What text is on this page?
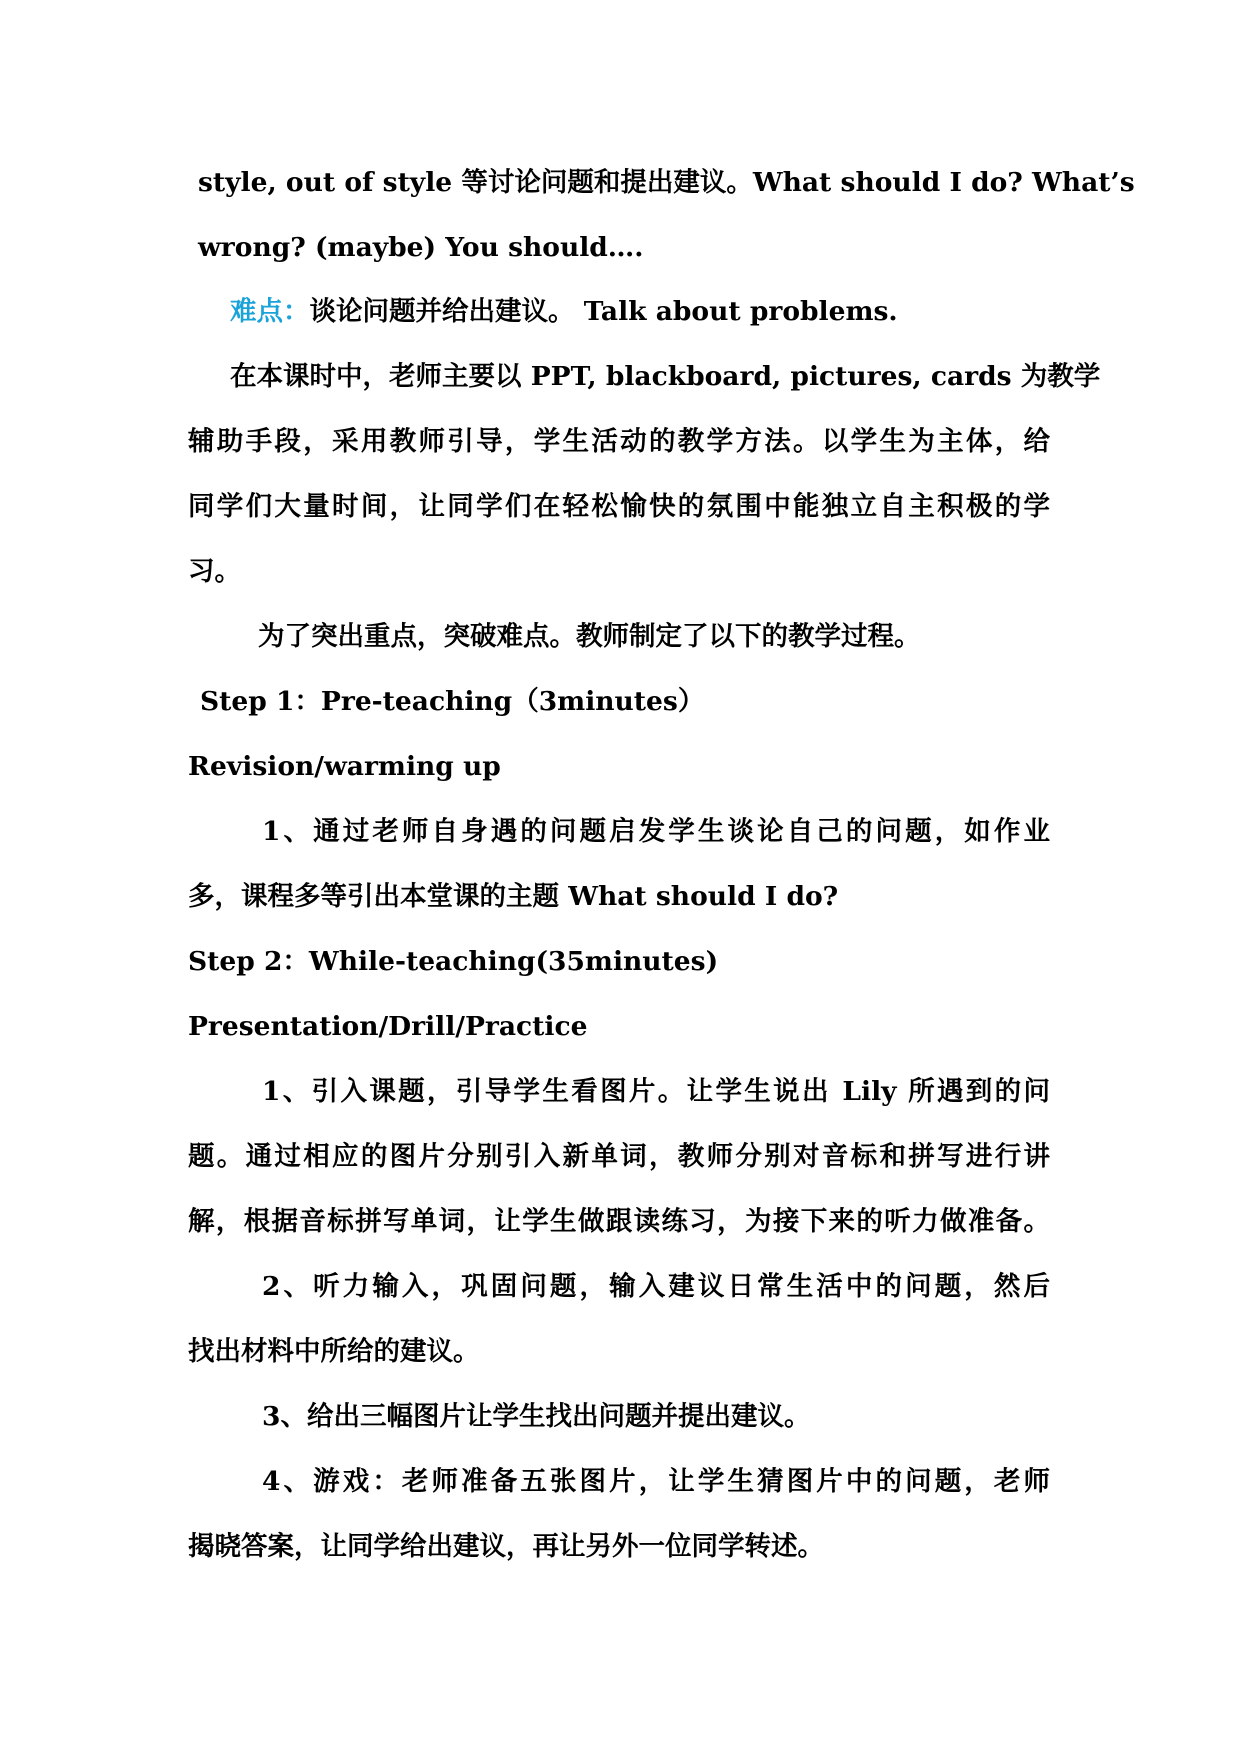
style, out of style 等讨论问题和提出建议。What should I do? What’s
wrong? (maybe) You should….
难点：谈论问题并给出建议。 Talk about problems.
在本课时中，老师主要以 PPT, blackboard, pictures, cards 为教学
辅助手段，采用教师引导，学生活动的教学方法。以学生为主体，给
同学们大量时间，让同学们在轻松愉快的氛围中能独立自主积极的学
习。
为了突出重点，突破难点。教师制定了以下的教学过程。
Step 1：Pre-teaching（3minutes）
Revision/warming up
1、通过老师自身遇的问题启发学生谈论自己的问题，如作业
多，课程多等引出本堂课的主题 What should I do?
Step 2：While-teaching(35minutes)
Presentation/Drill/Practice
1、引入课题，引导学生看图片。让学生说出 Lily 所遇到的问
题。通过相应的图片分别引入新单词，教师分别对音标和拼写进行讲
解，根据音标拼写单词，让学生做跟读练习，为接下来的听力做准备。
2、听力输入，巩固问题，输入建议日常生活中的问题，然后
找出材料中所给的建议。
3、给出三幅图片让学生找出问题并提出建议。
4、游戏：老师准备五张图片，让学生猜图片中的问题，老师
揭晓答案，让同学给出建议，再让另外一位同学转述。
